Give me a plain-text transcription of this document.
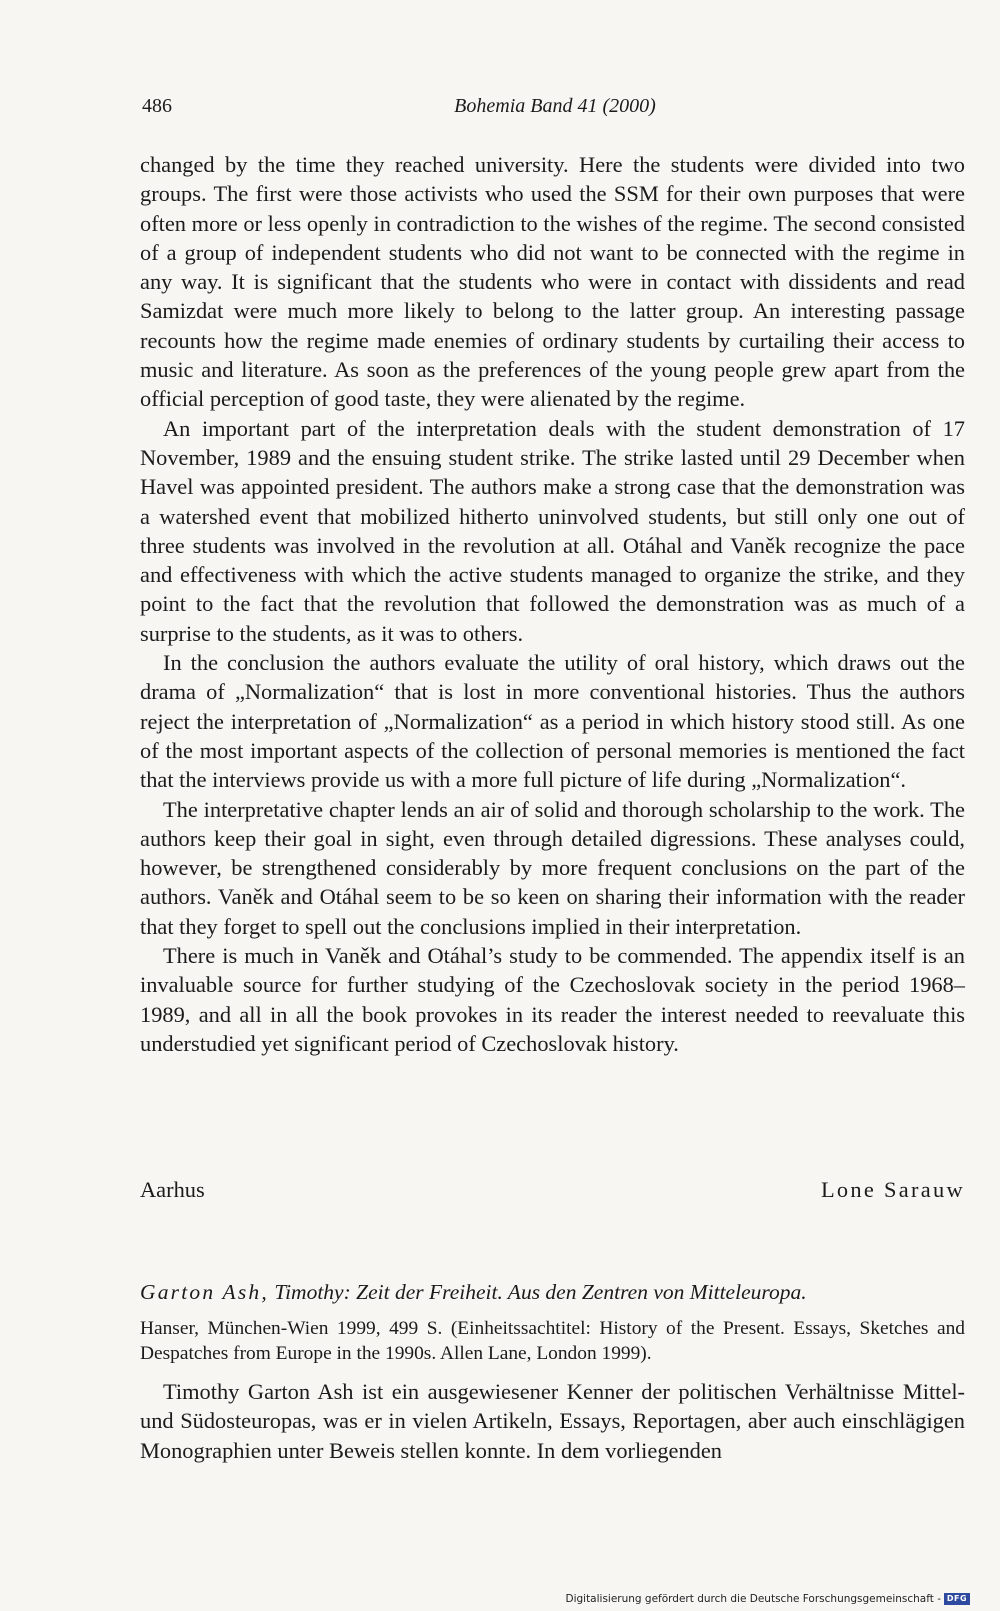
486	Bohemia Band 41 (2000)

changed by the time they reached university. Here the students were divided into two groups. The first were those activists who used the SSM for their own purposes that were often more or less openly in contradiction to the wishes of the regime. The second consisted of a group of independent students who did not want to be connected with the regime in any way. It is significant that the students who were in contact with dissidents and read Samizdat were much more likely to belong to the latter group. An interesting passage recounts how the regime made enemies of ordinary students by curtailing their access to music and literature. As soon as the preferences of the young people grew apart from the official perception of good taste, they were alienated by the regime.

An important part of the interpretation deals with the student demonstration of 17 November, 1989 and the ensuing student strike. The strike lasted until 29 December when Havel was appointed president. The authors make a strong case that the demonstration was a watershed event that mobilized hitherto uninvolved students, but still only one out of three students was involved in the revolution at all. Otáhal and Vaněk recognize the pace and effectiveness with which the active students managed to organize the strike, and they point to the fact that the revolution that followed the demonstration was as much of a surprise to the students, as it was to others.

In the conclusion the authors evaluate the utility of oral history, which draws out the drama of „Normalization“ that is lost in more conventional histories. Thus the authors reject the interpretation of „Normalization“ as a period in which history stood still. As one of the most important aspects of the collection of personal memories is mentioned the fact that the interviews provide us with a more full picture of life during „Normalization“.

The interpretative chapter lends an air of solid and thorough scholarship to the work. The authors keep their goal in sight, even through detailed digressions. These analyses could, however, be strengthened considerably by more frequent conclusions on the part of the authors. Vaněk and Otáhal seem to be so keen on sharing their information with the reader that they forget to spell out the conclusions implied in their interpretation.

There is much in Vaněk and Otáhal’s study to be commended. The appendix itself is an invaluable source for further studying of the Czechoslovak society in the period 1968–1989, and all in all the book provokes in its reader the interest needed to reevaluate this understudied yet significant period of Czechoslovak history.

Aarhus	Lone Sarauw

Garton Ash, Timothy: Zeit der Freiheit. Aus den Zentren von Mitteleuropa.

Hanser, München-Wien 1999, 499 S. (Einheitssachtitel: History of the Present. Essays, Sketches and Despatches from Europe in the 1990s. Allen Lane, London 1999).

Timothy Garton Ash ist ein ausgewiesener Kenner der politischen Verhältnisse Mittel- und Südosteuropas, was er in vielen Artikeln, Essays, Reportagen, aber auch einschlägigen Monographien unter Beweis stellen konnte. In dem vorliegenden

Digitalisierung gefördert durch die Deutsche Forschungsgemeinschaft - DFG
